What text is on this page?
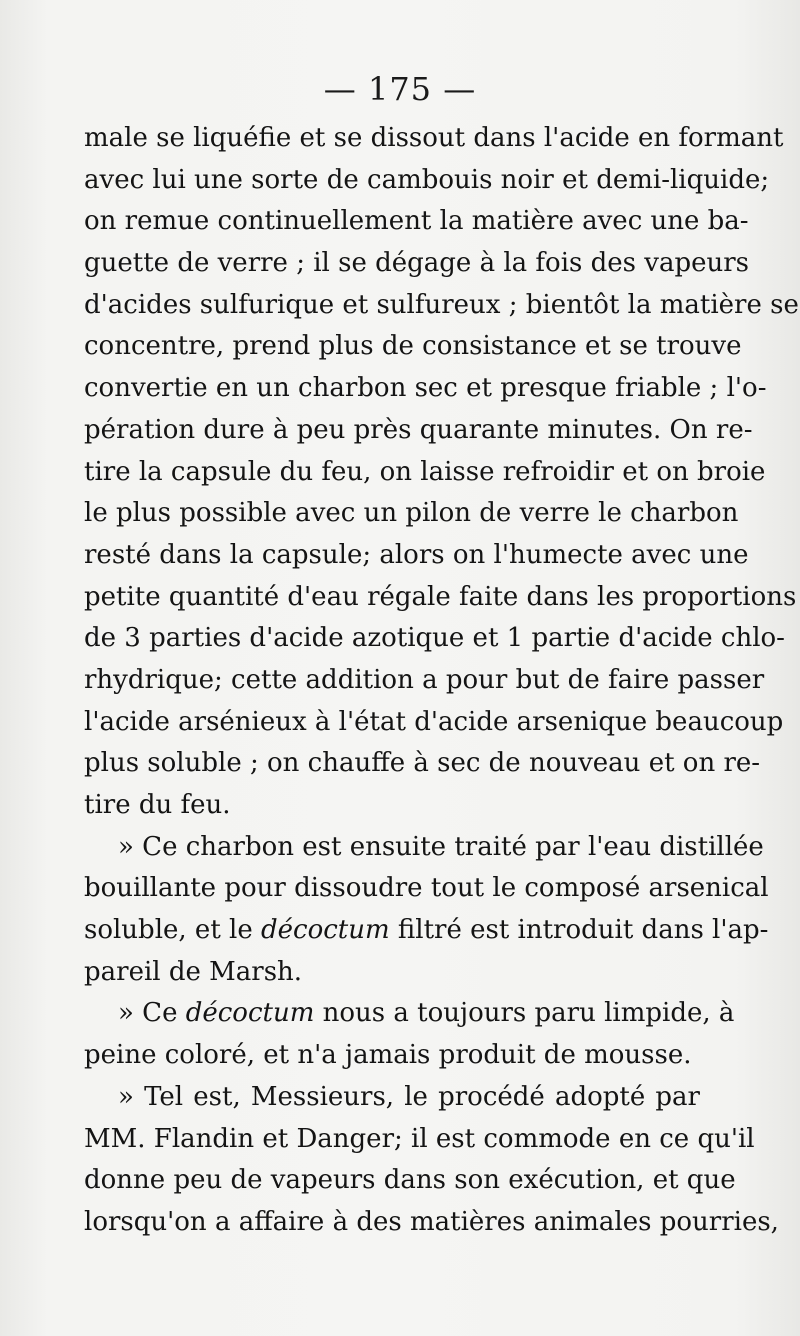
— 175 —
male se liquéfie et se dissout dans l'acide en formant
avec lui une sorte de cambouis noir et demi-liquide;
on remue continuellement la matière avec une ba-
guette de verre ; il se dégage à la fois des vapeurs
d'acides sulfurique et sulfureux ; bientôt la matière se
concentre, prend plus de consistance et se trouve
convertie en un charbon sec et presque friable ; l'o-
pération dure à peu près quarante minutes. On re-
tire la capsule du feu, on laisse refroidir et on broie
le plus possible avec un pilon de verre le charbon
resté dans la capsule; alors on l'humecte avec une
petite quantité d'eau régale faite dans les proportions
de 3 parties d'acide azotique et 1 partie d'acide chlo-
rhydrique; cette addition a pour but de faire passer
l'acide arsénieux à l'état d'acide arsenique beaucoup
plus soluble ; on chauffe à sec de nouveau et on re-
tire du feu.
» Ce charbon est ensuite traité par l'eau distillée
bouillante pour dissoudre tout le composé arsenical
soluble, et le décoctum filtré est introduit dans l'ap-
pareil de Marsh.
» Ce décoctum nous a toujours paru limpide, à
peine coloré, et n'a jamais produit de mousse.
» Tel est, Messieurs, le procédé adopté par
MM. Flandin et Danger; il est commode en ce qu'il
donne peu de vapeurs dans son exécution, et que
lorsqu'on a affaire à des matières animales pourries,
